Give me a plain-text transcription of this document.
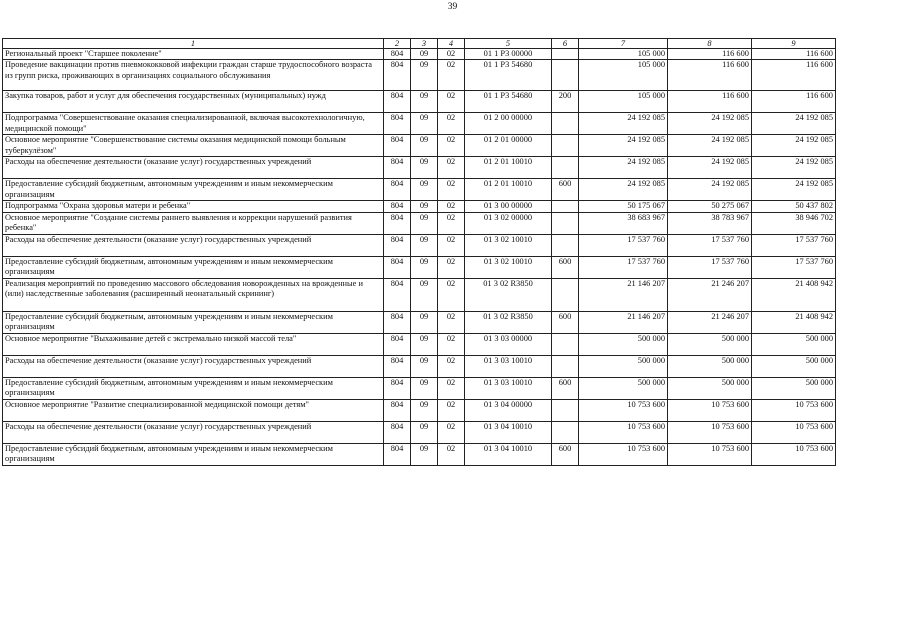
39
1	2	3	4	5	6	7	8	9
Региональный проект "Старшее поколение"	804	09	02	01 1 P3 00000		105 000	116 600	116 600
Проведение вакцинации против пневмококковой инфекции граждан старше трудоспособного возраста из групп риска, проживающих в организациях социального обслуживания	804	09	02	01 1 P3 54680		105 000	116 600	116 600
Закупка товаров, работ и услуг для обеспечения государственных (муниципальных) нужд	804	09	02	01 1 P3 54680	200	105 000	116 600	116 600
Подпрограмма "Совершенствование оказания специализированной, включая высокотехнологичную, медицинской помощи"	804	09	02	01 2 00 00000		24 192 085	24 192 085	24 192 085
Основное мероприятие "Совершенствование системы оказания медицинской помощи больным туберкулёзом"	804	09	02	01 2 01 00000		24 192 085	24 192 085	24 192 085
Расходы на обеспечение деятельности (оказание услуг) государственных учреждений	804	09	02	01 2 01 10010		24 192 085	24 192 085	24 192 085
Предоставление субсидий бюджетным, автономным учреждениям и иным некоммерческим организациям	804	09	02	01 2 01 10010	600	24 192 085	24 192 085	24 192 085
Подпрограмма "Охрана здоровья матери и ребенка"	804	09	02	01 3 00 00000		50 175 067	50 275 067	50 437 802
Основное мероприятие "Создание системы раннего выявления и коррекции нарушений развития ребенка"	804	09	02	01 3 02 00000		38 683 967	38 783 967	38 946 702
Расходы на обеспечение деятельности (оказание услуг) государственных учреждений	804	09	02	01 3 02 10010		17 537 760	17 537 760	17 537 760
Предоставление субсидий бюджетным, автономным учреждениям и иным некоммерческим организациям	804	09	02	01 3 02 10010	600	17 537 760	17 537 760	17 537 760
Реализация мероприятий по проведению массового обследования новорожденных на врожденные и (или) наследственные заболевания (расширенный неонатальный скрининг)	804	09	02	01 3 02 R3850		21 146 207	21 246 207	21 408 942
Предоставление субсидий бюджетным, автономным учреждениям и иным некоммерческим организациям	804	09	02	01 3 02 R3850	600	21 146 207	21 246 207	21 408 942
Основное мероприятие "Выхаживание детей с экстремально низкой массой тела"	804	09	02	01 3 03 00000		500 000	500 000	500 000
Расходы на обеспечение деятельности (оказание услуг) государственных учреждений	804	09	02	01 3 03 10010		500 000	500 000	500 000
Предоставление субсидий бюджетным, автономным учреждениям и иным некоммерческим организациям	804	09	02	01 3 03 10010	600	500 000	500 000	500 000
Основное мероприятие "Развитие специализированной медицинской помощи детям"	804	09	02	01 3 04 00000		10 753 600	10 753 600	10 753 600
Расходы на обеспечение деятельности (оказание услуг) государственных учреждений	804	09	02	01 3 04 10010		10 753 600	10 753 600	10 753 600
Предоставление субсидий бюджетным, автономным учреждениям и иным некоммерческим организациям	804	09	02	01 3 04 10010	600	10 753 600	10 753 600	10 753 600
